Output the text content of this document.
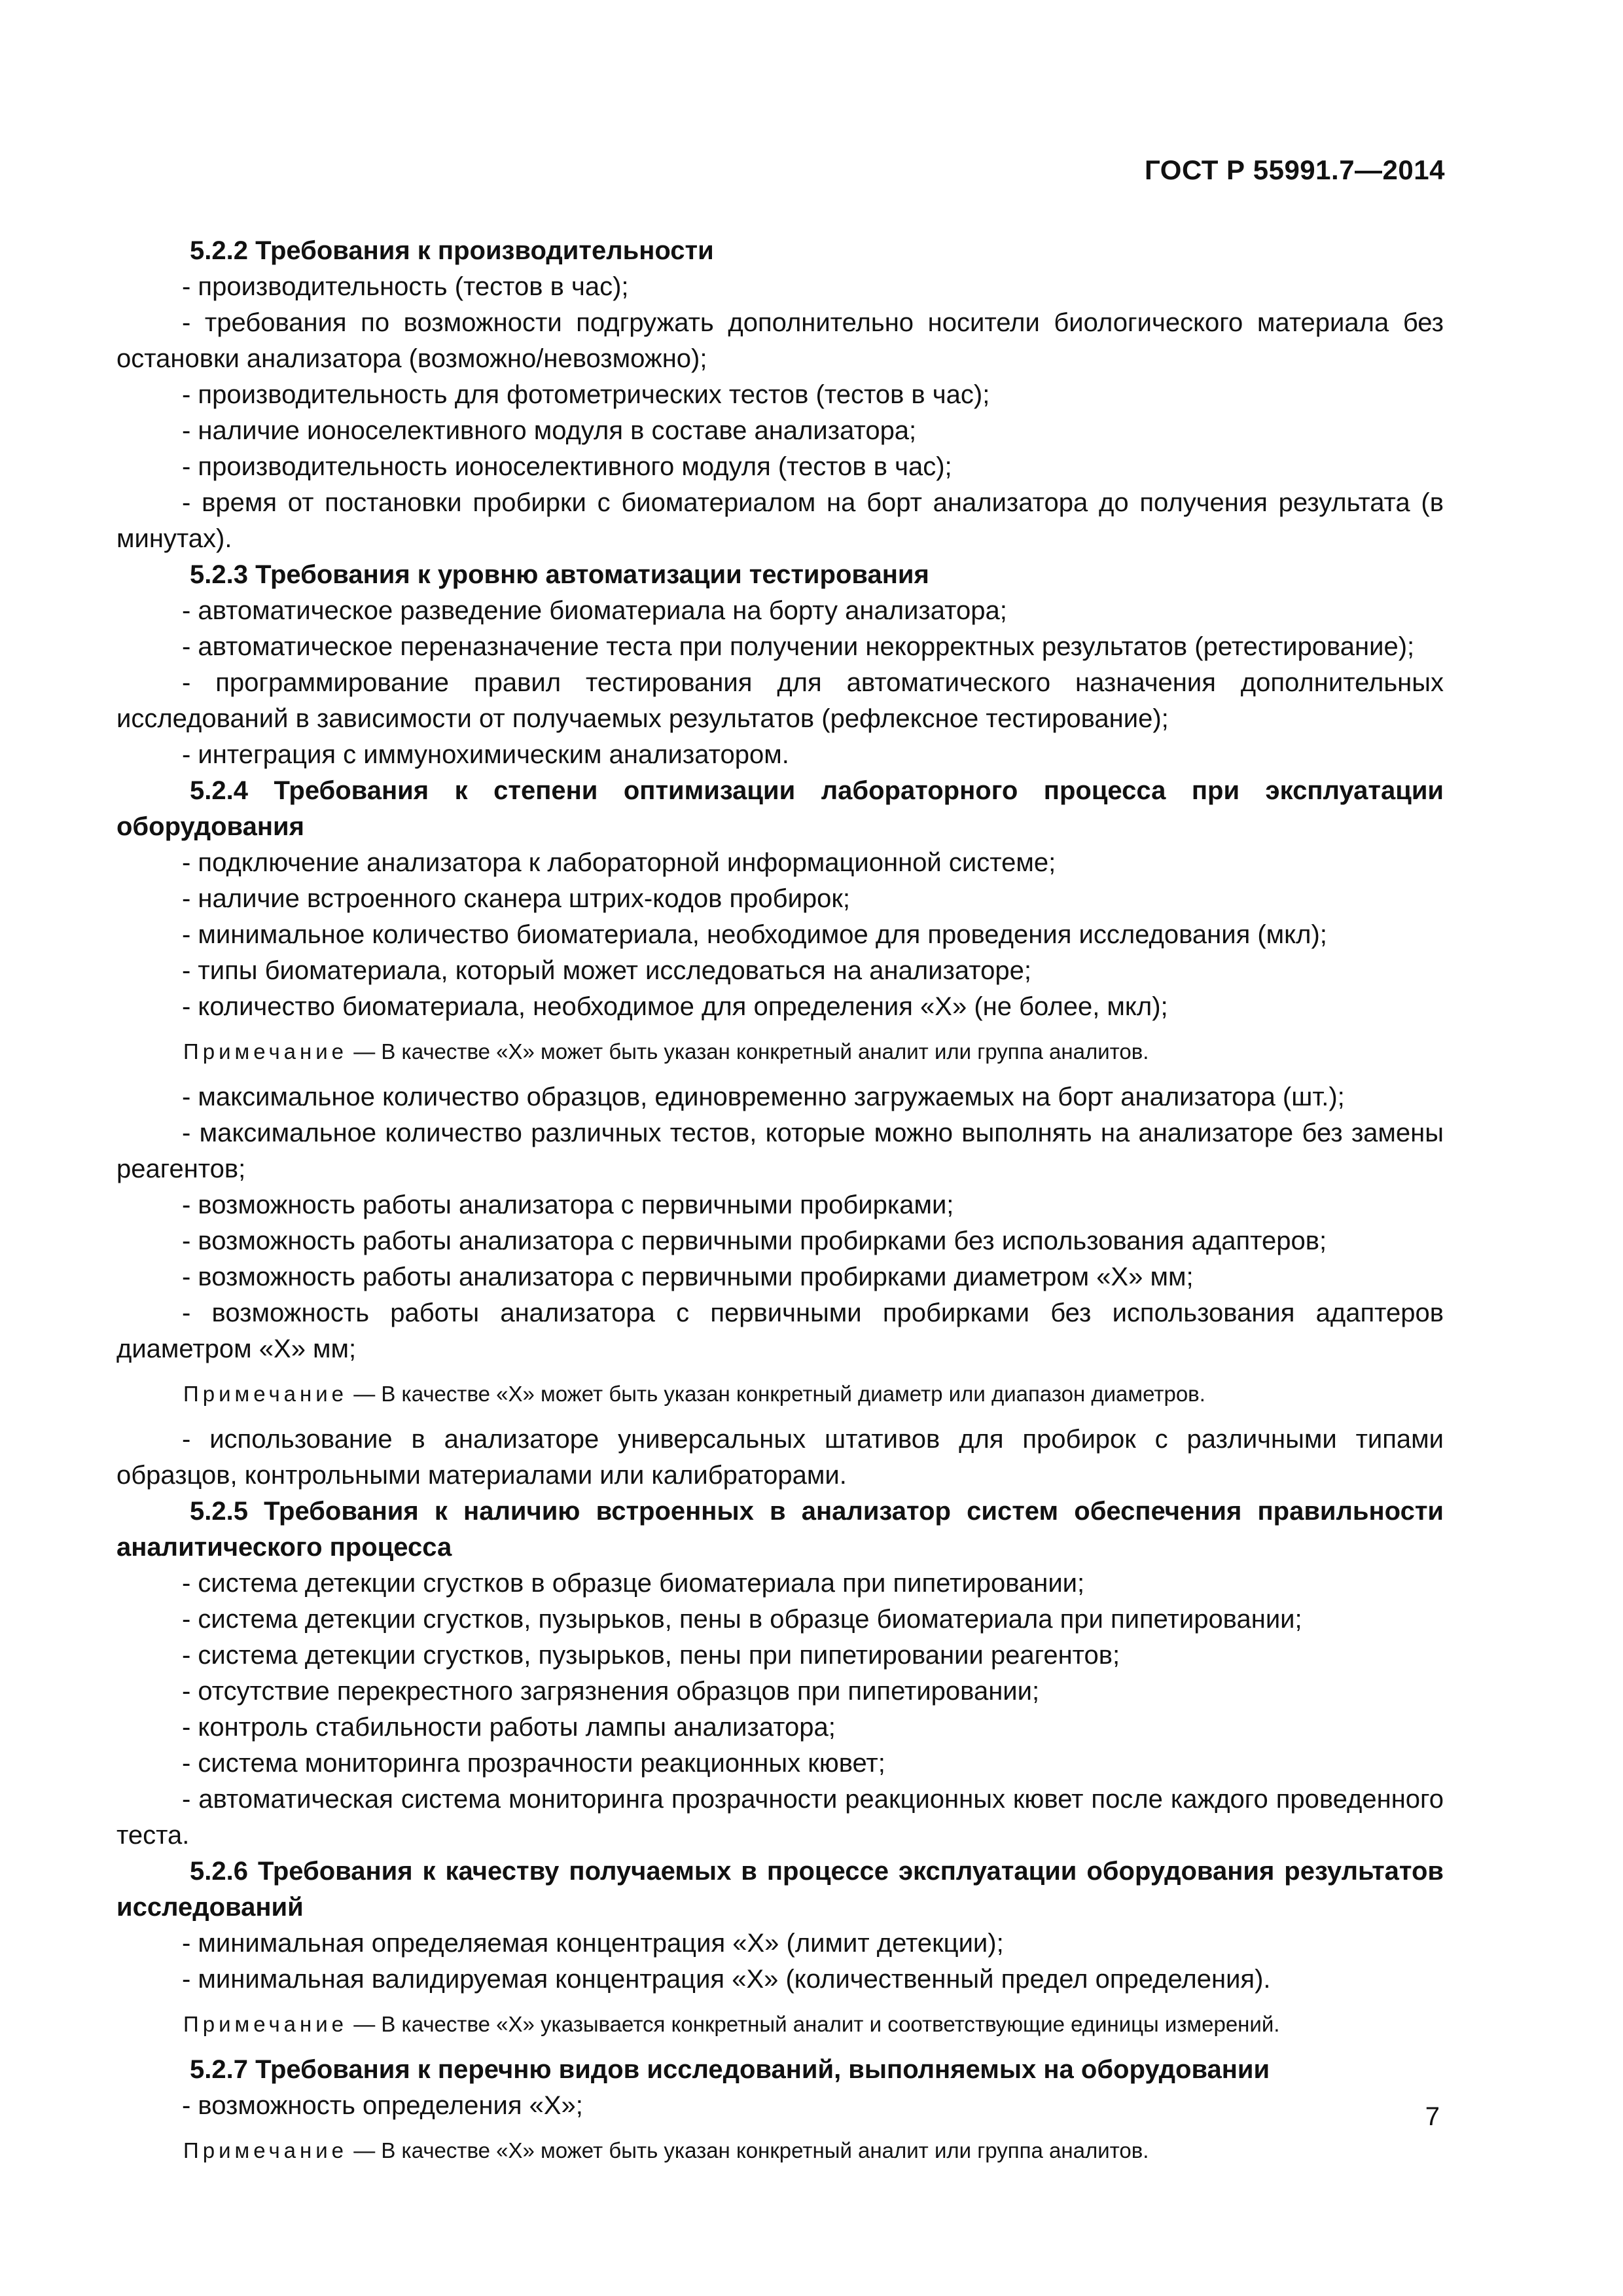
ГОСТ Р 55991.7—2014

5.2.2 Требования к производительности

- производительность (тестов в час);

- требования по возможности подгружать дополнительно носители биологического материала без остановки анализатора (возможно/невозможно);

- производительность для фотометрических тестов (тестов в час);

- наличие ионоселективного модуля в составе анализатора;

- производительность ионоселективного модуля (тестов в час);

- время от постановки пробирки с биоматериалом на борт анализатора до получения результата (в минутах).

5.2.3 Требования к уровню автоматизации тестирования

- автоматическое разведение биоматериала на борту анализатора;

- автоматическое переназначение теста при получении некорректных результатов (ретестирование);

- программирование правил тестирования для автоматического назначения дополнительных исследований в зависимости от получаемых результатов (рефлексное тестирование);

- интеграция с иммунохимическим анализатором.

5.2.4 Требования к степени оптимизации лабораторного процесса при эксплуатации оборудования

- подключение анализатора к лабораторной информационной системе;

- наличие встроенного сканера штрих-кодов пробирок;

- минимальное количество биоматериала, необходимое для проведения исследования (мкл);

- типы биоматериала, который может исследоваться на анализаторе;

- количество биоматериала, необходимое для определения «Х» (не более, мкл);

Примечание — В качестве «Х» может быть указан конкретный аналит или группа аналитов.

- максимальное количество образцов, единовременно загружаемых на борт анализатора (шт.);

- максимальное количество различных тестов, которые можно выполнять на анализаторе без замены реагентов;

- возможность работы анализатора с первичными пробирками;

- возможность работы анализатора с первичными пробирками без использования адаптеров;

- возможность работы анализатора с первичными пробирками диаметром «Х» мм;

- возможность работы анализатора с первичными пробирками без использования адаптеров диаметром «Х» мм;

Примечание — В качестве «Х» может быть указан конкретный диаметр или диапазон диаметров.

- использование в анализаторе универсальных штативов для пробирок с различными типами образцов, контрольными материалами или калибраторами.

5.2.5 Требования к наличию встроенных в анализатор систем обеспечения правильности аналитического процесса

- система детекции сгустков в образце биоматериала при пипетировании;

- система детекции сгустков, пузырьков, пены в образце биоматериала при пипетировании;

- система детекции сгустков, пузырьков, пены при пипетировании реагентов;

- отсутствие перекрестного загрязнения образцов при пипетировании;

- контроль стабильности работы лампы анализатора;

- система мониторинга прозрачности реакционных кювет;

- автоматическая система мониторинга прозрачности реакционных кювет после каждого проведенного теста.

5.2.6 Требования к качеству получаемых в процессе эксплуатации оборудования результатов исследований

- минимальная определяемая концентрация «Х» (лимит детекции);

- минимальная валидируемая концентрация «Х» (количественный предел определения).

Примечание — В качестве «Х» указывается конкретный аналит и соответствующие единицы измерений.

5.2.7 Требования к перечню видов исследований, выполняемых на оборудовании

- возможность определения «Х»;

Примечание — В качестве «Х» может быть указан конкретный аналит или группа аналитов.

7
